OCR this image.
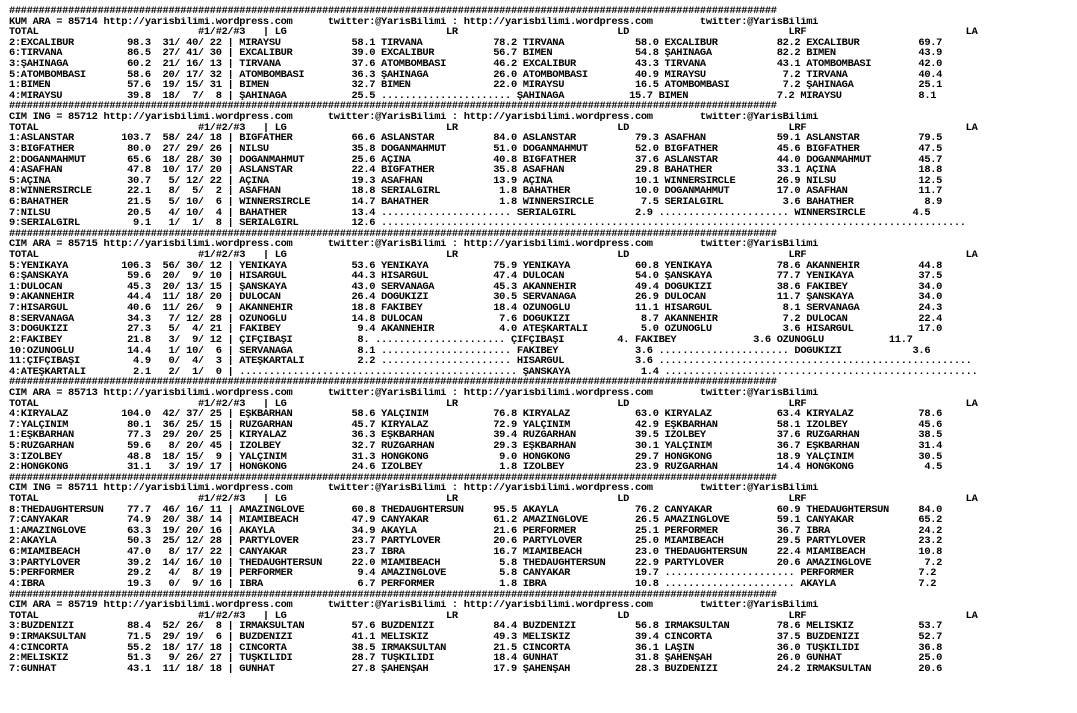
##################################################################################################################################
KUM ARA = 85714 http://yarisbilimi.wordpress.com      twitter:@YarisBilimi : http://yarisbilimi.wordpress.com        twitter:@YarisBilimi
TOTAL                           #1/#2/#3   | LG                           LR                           LD                           LRF                           LA
2:EXCALIBUR         98.3  31/ 40/ 22 | MIRAYSU            58.1 TIRVANA            78.2 TIRVANA            58.0 EXCALIBUR          82.2 EXCALIBUR          69.7
6:TIRVANA           86.5  27/ 41/ 30 | EXCALIBUR          39.0 EXCALIBUR          56.7 BIMEN              54.8 ŞAHINAĞA           82.2 BIMEN              43.9
3:ŞAHINAĞA          60.2  21/ 16/ 13 | TIRVANA            37.6 ATOMBOMBASI        46.2 EXCALIBUR          43.3 TIRVANA            43.1 ATOMBOMBASI        42.0
5:ATOMBOMBASI       58.6  20/ 17/ 32 | ATOMBOMBASI        36.3 ŞAHINAĞA           26.0 ATOMBOMBASI        40.9 MIRAYSU             7.2 TIRVANA            40.4
1:BIMEN             57.6  19/ 15/ 31 | BIMEN              32.7 BIMEN              22.0 MIRAYSU            16.5 ATOMBOMBASI         7.2 ŞAHINAĞA           25.1
4:MIRAYSU           39.8  18/  7/  8 | ŞAHINAĞA           25.5 ...................... ŞAHINAĞA           15.7 BIMEN               7.2 MIRAYSU             8.1
##################################################################################################################################
CIM ING = 85712 http://yarisbilimi.wordpress.com      twitter:@YarisBilimi : http://yarisbilimi.wordpress.com        twitter:@YarisBilimi
TOTAL                           #1/#2/#3   | LG                           LR                           LD                           LRF                           LA
1:ASLANSTAR        103.7  58/ 24/ 18 | BIGFATHER          66.6 ASLANSTAR          84.0 ASLANSTAR          79.3 ASAFHAN            59.1 ASLANSTAR          79.5
3:BIGFATHER         80.0  27/ 29/ 26 | NILSU              35.8 DOĞANMAHMUT        51.0 DOĞANMAHMUT        52.0 BIGFATHER          45.6 BIGFATHER          47.5
2:DOĞANMAHMUT       65.6  18/ 28/ 30 | DOĞANMAHMUT        25.6 AÇINA              40.8 BIGFATHER          37.6 ASLANSTAR          44.0 DOĞANMAHMUT        45.7
4:ASAFHAN           47.8  10/ 17/ 20 | ASLANSTAR          22.4 BIGFATHER          35.8 ASAFHAN            29.8 BAHATHER           33.1 AÇINA              18.8
5:AÇINA             30.7   5/ 12/ 22 | AÇINA              19.3 ASAFHAN            13.9 AÇINA              10.1 WINNERSIRCLE       26.9 NILSU              12.5
8:WINNERSIRCLE      22.1   8/  5/  2 | ASAFHAN            18.8 SERIALGIRL          1.8 BAHATHER           10.0 DOĞANMAHMUT        17.0 ASAFHAN            11.7
6:BAHATHER          21.5   5/ 10/  6 | WINNERSIRCLE       14.7 BAHATHER            1.8 WINNERSIRCLE        7.5 SERIALGIRL          3.6 BAHATHER            8.9
7:NILSU             20.5   4/ 10/  4 | BAHATHER           13.4 ...................... SERIALGIRL          2.9 ...................... WINNERSIRCLE        4.5
9:SERIALGIRL         9.1   1/  1/  8 | SERIALGIRL         12.6 ...................................................................................................
##################################################################################################################################
CIM ARA = 85715 http://yarisbilimi.wordpress.com      twitter:@YarisBilimi : http://yarisbilimi.wordpress.com        twitter:@YarisBilimi
TOTAL                           #1/#2/#3   | LG                           LR                           LD                           LRF                           LA
5:YENIKAYA         106.3  56/ 30/ 12 | YENIKAYA           53.6 YENIKAYA           75.9 YENIKAYA           60.8 YENIKAYA           78.6 AKANNEHIR          44.8
6:ŞANSKAYA          59.6  20/  9/ 10 | HISARGÜL           44.3 HISARGÜL           47.4 DULOCAN            54.0 ŞANSKAYA           77.7 YENIKAYA           37.5
1:DULOCAN           45.3  20/ 13/ 15 | ŞANSKAYA           43.0 SERVANAĞA          45.3 AKANNEHIR          49.4 DOĞUKIZI           38.6 FAKIBEY            34.0
9:AKANNEHIR         44.4  11/ 18/ 20 | DULOCAN            26.4 DOĞUKIZI           30.5 SERVANAĞA          26.9 DULOCAN            11.7 ŞANSKAYA           34.0
7:HISARGÜL          40.6  11/ 26/  9 | AKANNEHIR          18.8 FAKIBEY            18.4 ÖZÜNOĞLU           11.1 HISARGÜL            8.1 SERVANAĞA          24.3
8:SERVANAĞA         34.3   7/ 12/ 28 | ÖZÜNOĞLU           14.8 DULOCAN             7.6 DOĞUKIZI            8.7 AKANNEHIR           7.2 DULOCAN            22.4
3:DOĞUKIZI          27.3   5/  4/ 21 | FAKIBEY             9.4 AKANNEHIR           4.0 ATEŞKARTALI         5.0 ÖZÜNOĞLU            3.6 HISARGÜL           17.0
2:FAKIBEY           21.8   3/  9/ 12 | ÇIFÇIBAŞI           8. ...................... ÇIFÇIBAŞI         4. FAKIBEY             3.6 ÖZÜNOĞLU           11.7
10:ÖZÜNOĞLU         14.4   1/ 10/  6 | SERVANAĞA           8.1 ...................... FAKIBEY             3.6 ...................... DOĞUKIZI            3.6
11:ÇIFÇIBAŞI         4.9   0/  4/  3 | ATEŞKARTALI         2.2 ...................... HISARGÜL            3.6 .....................................................
4:ATEŞKARTALI        2.1   2/  1/  0 | ............................................... ŞANSKAYA            1.4 .....................................................
##################################################################################################################################
CIM ARA = 85713 http://yarisbilimi.wordpress.com      twitter:@YarisBilimi : http://yarisbilimi.wordpress.com        twitter:@YarisBilimi
TOTAL                           #1/#2/#3   | LG                           LR                           LD                           LRF                           LA
4:KIRYALAZ         104.0  42/ 37/ 25 | EŞKBARHAN          58.6 YALÇINIM           76.8 KIRYALAZ           63.0 KIRYALAZ           63.4 KIRYALAZ           78.6
7:YALÇINIM          80.1  36/ 25/ 15 | RÜZGARHAN          45.7 KIRYALAZ           72.9 YALÇINIM           42.9 EŞKBARHAN          58.1 IZOLBEY            45.6
1:EŞKBARHAN         77.3  29/ 20/ 25 | KIRYALAZ           36.3 EŞKBARHAN          39.4 RÜZGARHAN          39.5 IZOLBEY            37.6 RÜZGARHAN          38.5
5:RÜZGARHAN         59.6   8/ 20/ 45 | IZOLBEY            32.7 RÜZGARHAN          29.3 EŞKBARHAN          30.1 YALÇINIM           36.7 EŞKBARHAN          31.4
3:IZOLBEY           48.8  18/ 15/  9 | YALÇINIM           31.3 HONGKONG            9.0 HONGKONG           29.7 HONGKONG           18.9 YALÇINIM           30.5
2:HONGKONG          31.1   3/ 19/ 17 | HONGKONG           24.6 IZOLBEY             1.8 IZOLBEY            23.9 RÜZGARHAN          14.4 HONGKONG            4.5
##################################################################################################################################
CIM ING = 85711 http://yarisbilimi.wordpress.com      twitter:@YarisBilimi : http://yarisbilimi.wordpress.com        twitter:@YarisBilimi
TOTAL                           #1/#2/#3   | LG                           LR                           LD                           LRF                           LA
8:THEDAUGHTERSUN    77.7  46/ 16/ 11 | AMAZINGLOVE        60.8 THEDAUGHTERSUN     95.5 AKAYLA             76.2 CANYAKAR           60.9 THEDAUGHTERSUN     84.0
7:CANYAKAR          74.9  20/ 38/ 14 | MIAMIBEACH         47.9 CANYAKAR           61.2 AMAZINGLOVE        26.5 AMAZINGLOVE        59.1 CANYAKAR           65.2
1:AMAZINGLOVE       63.3  19/ 20/ 16 | AKAYLA             34.9 AKAYLA             21.6 PERFORMER          25.1 PERFORMER          36.7 IBRA               24.2
2:AKAYLA            50.3  25/ 12/ 28 | PARTYLOVER         23.7 PARTYLOVER         20.6 PARTYLOVER         25.0 MIAMIBEACH         29.5 PARTYLOVER         23.2
6:MIAMIBEACH        47.0   8/ 17/ 22 | CANYAKAR           23.7 IBRA               16.7 MIAMIBEACH         23.0 THEDAUGHTERSUN     22.4 MIAMIBEACH         10.8
3:PARTYLOVER        39.2  14/ 16/ 10 | THEDAUGHTERSUN     22.0 MIAMIBEACH          5.8 THEDAUGHTERSUN     22.9 PARTYLOVER         20.6 AMAZINGLOVE         7.2
5:PERFORMER         29.2   4/  8/ 19 | PERFORMER           9.4 AMAZINGLOVE         5.8 CANYAKAR           19.7 ...................... PERFORMER           7.2
4:IBRA              19.3   0/  9/ 16 | IBRA                6.7 PERFORMER           1.8 IBRA               10.8 ...................... AKAYLA              7.2
##################################################################################################################################
CIM ARA = 85719 http://yarisbilimi.wordpress.com      twitter:@YarisBilimi : http://yarisbilimi.wordpress.com        twitter:@YarisBilimi
TOTAL                           #1/#2/#3   | LG                           LR                           LD                           LRF                           LA
3:BUZDENIZI         88.4  52/ 26/  8 | IRMAKSULTAN        57.6 BUZDENIZI          84.4 BUZDENIZI          56.8 IRMAKSULTAN        78.6 MELISKIZ           53.7
9:IRMAKSULTAN       71.5  29/ 19/  6 | BUZDENIZI          41.1 MELISKIZ           49.3 MELISKIZ           39.4 CINCORTA           37.5 BUZDENIZI          52.7
4:CINCORTA          55.2  18/ 17/ 18 | CINCORTA           38.5 IRMAKSULTAN        21.5 CINCORTA           36.1 LAŞIN              36.0 TUŞKILIDI          36.8
2:MELISKIZ          51.3   9/ 26/ 27 | TUŞKILIDI          28.7 TUŞKILIDI          18.4 GÜNHAT             31.8 ŞAHENŞAH           26.0 GÜNHAT             25.0
7:GÜNHAT            43.1  11/ 18/ 18 | GÜNHAT             27.8 ŞAHENŞAH           17.9 ŞAHENŞAH           28.3 BUZDENIZI          24.2 IRMAKSULTAN        20.6
